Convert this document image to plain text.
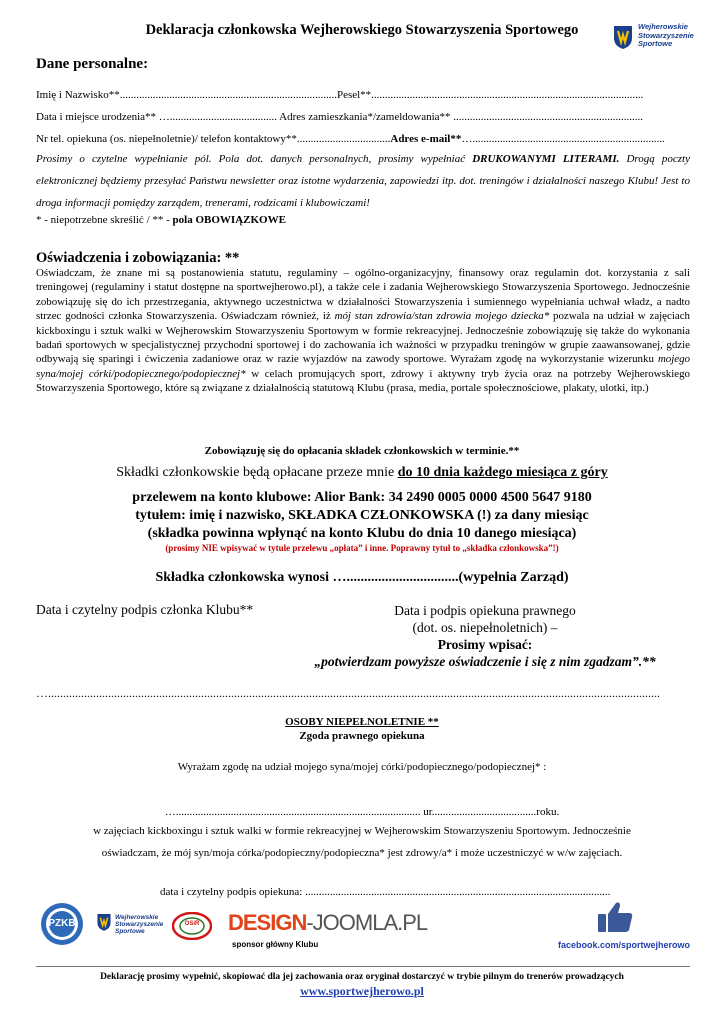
Deklaracja członkowska Wejherowskiego Stowarzyszenia Sportowego	Wejherowskie
Stowarzyszenie
Sportowe
Dane personalne:
Imię i Nazwisko**...............................................................................Pesel**...................................................................................................
Data i miejsce urodzenia** …....................................... Adres zamieszkania*/zameldowania** .....................................................................
Nr tel. opiekuna (os. niepełnoletnie)/ telefon kontaktowy**..................................Adres e-mail**…......................................................................
Prosimy o czytelne wypełnianie pól. Pola dot. danych personalnych, prosimy wypełniać DRUKOWANYMI LITERAMI. Drogą poczty elektronicznej będziemy przesyłać Państwu newsletter oraz istotne wydarzenia, zapowiedzi itp. dot. treningów i działalności naszego Klubu! Jest to droga informacji pomiędzy zarządem, trenerami, rodzicami i klubowiczami!
* - niepotrzebne skreślić / ** - pola OBOWIĄZKOWE
Oświadczenia i zobowiązania: **
Oświadczam, że znane mi są postanowienia statutu, regulaminy – ogólno-organizacyjny, finansowy oraz regulamin dot. korzystania z sali treningowej (regulaminy i statut dostępne na sportwejherowo.pl), a także cele i zadania Wejherowskiego Stowarzyszenia Sportowego. Jednocześnie zobowiązuję się do ich przestrzegania, aktywnego uczestnictwa w działalności Stowarzyszenia i sumiennego wypełniania uchwał władz, a nadto strzec godności członka Stowarzyszenia. Oświadczam również, iż mój stan zdrowia/stan zdrowia mojego dziecka* pozwala na udział w zajęciach kickboxingu i sztuk walki w Wejherowskim Stowarzyszeniu Sportowym w formie rekreacyjnej. Jednocześnie zobowiązuję się także do wykonania badań sportowych w specjalistycznej przychodni sportowej i do zachowania ich ważności w przypadku treningów w grupie zaawansowanej, gdzie odbywają się sparingi i ćwiczenia zadaniowe oraz w razie wyjazdów na zawody sportowe. Wyrażam zgodę na wykorzystanie wizerunku mojego syna/mojej córki/podopiecznego/podopiecznej* w celach promujących sport, zdrowy i aktywny tryb życia oraz na potrzeby Wejherowskiego Stowarzyszenia Sportowego, które są związane z działalnością statutową Klubu (prasa, media, portale społecznościowe, plakaty, ulotki, itp.)
Zobowiązuję się do opłacania składek członkowskich w terminie.**
Składki członkowskie będą opłacane przeze mnie do 10 dnia każdego miesiąca z góry
przelewem na konto klubowe: Alior Bank: 34 2490 0005 0000 4500 5647 9180
tytułem: imię i nazwisko, SKŁADKA CZŁONKOWSKA (!) za dany miesiąc
(składka powinna wpłynąć na konto Klubu do dnia 10 danego miesiąca)
(prosimy NIE wpisywać w tytule przelewu „opłata” i inne. Poprawny tytuł to „składka członkowska”!)
Składka członkowska wynosi …................................(wypełnia Zarząd)
Data i czytelny podpis członka Klubu**	Data i podpis opiekuna prawnego
(dot. os. niepełnoletnich) –
Prosimy wpisać:
„potwierdzam powyższe oświadczenie i się z nim zgadzam”.**
…............................................................................................................................................................................................................
OSOBY NIEPEŁNOLETNIE **
Zgoda prawnego opiekuna
Wyrażam zgodę na udział mojego syna/mojej córki/podopiecznego/podopiecznej* :
…......................................................................................... ur......................................roku.
w zajęciach kickboxingu i sztuk walki w formie rekreacyjnej w Wejherowskim Stowarzyszeniu Sportowym. Jednocześnie
oświadczam, że mój syn/moja córka/podopieczny/podopieczna* jest zdrowy/a* i może uczestniczyć w w/w zajęciach.
data i czytelny podpis opiekuna: ...............................................................................................................
PZKB
Wejherowskie
Stowarzyszenie
Sportowe
OSiR	DESIGN-JOOMLA.PL
sponsor główny Klubu	facebook.com/sportwejherowo
Deklarację prosimy wypełnić, skopiować dla jej zachowania oraz oryginał dostarczyć w trybie pilnym do trenerów prowadzących
www.sportwejherowo.pl
